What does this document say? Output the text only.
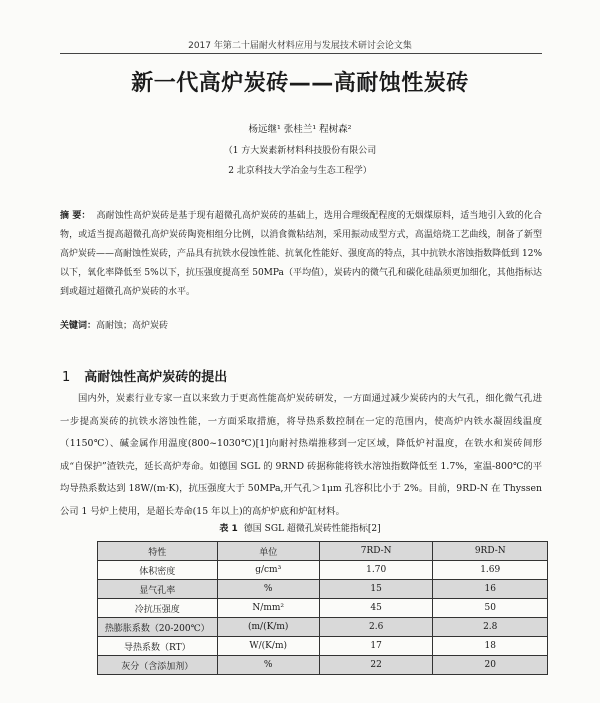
2017 年第二十届耐火材料应用与发展技术研讨会论文集
新一代高炉炭砖——高耐蚀性炭砖
杨远继¹ 张桂兰¹ 程树森²
（1 方大炭素新材料科技股份有限公司
2 北京科技大学冶金与生态工程学）
摘 要： 高耐蚀性高炉炭砖是基于现有超微孔高炉炭砖的基础上，选用合理级配程度的无烟煤原料，适当地引入致的化合物，或适当提高超微孔高炉炭砖陶瓷相组分比例，以消食微粘结剂，采用振动成型方式，高温焙烧工艺曲线，制备了新型高炉炭砖——高耐蚀性炭砖，产品具有抗铁水侵蚀性能、抗氧化性能好、强度高的特点，其中抗铁水溶蚀指数降低到 12%以下，氧化率降低至 5%以下，抗压强度提高至 50MPa（平均值），炭砖内的微气孔和碳化硅晶须更加细化，其他指标达到或超过超微孔高炉炭砖的水平。
关键词：高耐蚀；高炉炭砖
1 高耐蚀性高炉炭砖的提出
国内外，炭素行业专家一直以来致力于更高性能高炉炭砖研发，一方面通过减少炭砖内的大气孔，细化微气孔进一步提高炭砖的抗铁水溶蚀性能，一方面采取措施，将导热系数控制在一定的范围内，使高炉内铁水凝固线温度（1150℃）、碱金属作用温度(800~1030℃)[1]向耐衬热端推移到一定区域，降低炉衬温度，在铁水和炭砖间形成“自保护”渣铁壳，延长高炉寿命。如德国 SGL 的 9RND 砖据称能将铁水溶蚀指数降低至 1.7%，室温-800℃的平均导热系数达到 18W/(m·K)，抗压强度大于 50MPa,开气孔＞1μm 孔容积比小于 2%。目前，9RD-N 在 Thyssen 公司 1 号炉上使用，是超长寿命(15 年以上)的高炉炉底和炉缸材料。
表 1 德国 SGL 超微孔炭砖性能指标[2]
特性	单位	7RD-N	9RD-N
体积密度	g/cm³	1.70	1.69
显气孔率	%	15	16
冷抗压强度	N/mm²	45	50
热膨胀系数（20-200℃）	(m/(K/m)	2.6	2.8
导热系数（RT）	W/(K/m)	17	18
灰分（含添加剂）	%	22	20
